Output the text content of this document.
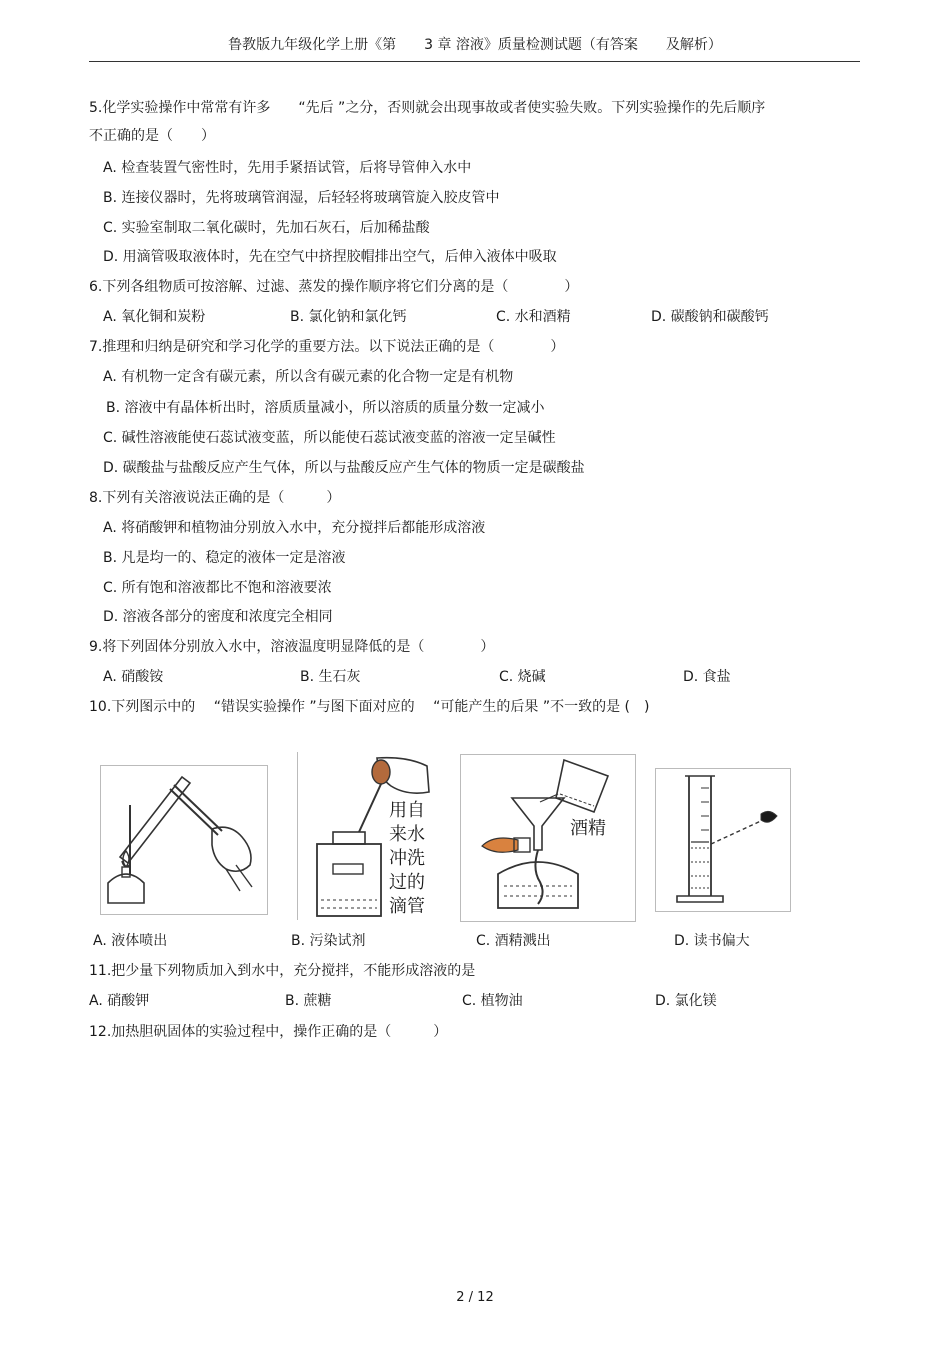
鲁教版九年级化学上册《第　　3 章 溶液》质量检测试题（有答案　　及解析）
5.化学实验操作中常常有许多　　“先后 ”之分，否则就会出现事故或者使实验失败。下列实验操作的先后顺序
不正确的是（　　）
A. 检查装置气密性时，先用手紧捂试管，后将导管伸入水中
B. 连接仪器时，先将玻璃管润湿，后轻轻将玻璃管旋入胶皮管中
C. 实验室制取二氧化碳时，先加石灰石，后加稀盐酸
D. 用滴管吸取液体时，先在空气中挤捏胶帽排出空气，后伸入液体中吸取
6.下列各组物质可按溶解、过滤、蒸发的操作顺序将它们分离的是（　　　　）
A. 氧化铜和炭粉	B. 氯化钠和氯化钙	C. 水和酒精	D. 碳酸钠和碳酸钙
7.推理和归纳是研究和学习化学的重要方法。以下说法正确的是（　　　　）
A. 有机物一定含有碳元素，所以含有碳元素的化合物一定是有机物
B. 溶液中有晶体析出时，溶质质量减小，所以溶质的质量分数一定减小
C. 碱性溶液能使石蕊试液变蓝，所以能使石蕊试液变蓝的溶液一定呈碱性
D. 碳酸盐与盐酸反应产生气体，所以与盐酸反应产生气体的物质一定是碳酸盐
8.下列有关溶液说法正确的是（　　　）
A. 将硝酸钾和植物油分别放入水中，充分搅拌后都能形成溶液
B. 凡是均一的、稳定的液体一定是溶液
C. 所有饱和溶液都比不饱和溶液要浓
D. 溶液各部分的密度和浓度完全相同
9.将下列固体分别放入水中，溶液温度明显降低的是（　　　　）
A. 硝酸铵	B. 生石灰	C. 烧碱	D. 食盐
10.下列图示中的　 “错误实验操作 ”与图下面对应的　 “可能产生的后果 ”不一致的是 (　)
用自
来水
冲洗
过的
滴管
酒精
A. 液体喷出	B. 污染试剂	C. 酒精溅出	D. 读书偏大
11.把少量下列物质加入到水中，充分搅拌，不能形成溶液的是
A. 硝酸钾	B. 蔗糖	C. 植物油	D. 氯化镁
12.加热胆矾固体的实验过程中，操作正确的是（　　　）
2 / 12
